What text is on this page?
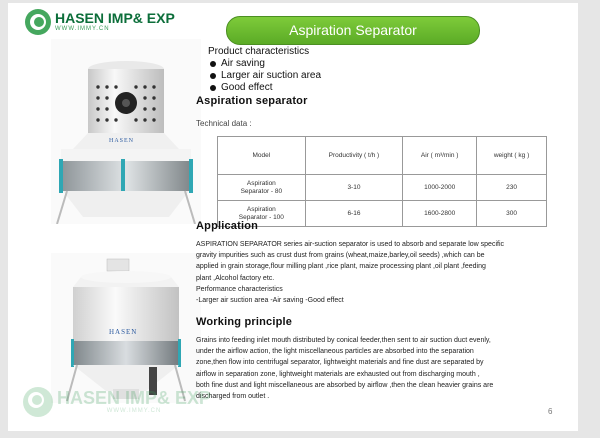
HASEN IMP& EXP
WWW.IMMY.CN	Aspiration Separator
HASEN
HASEN
Product characteristics
Air saving
Larger air suction area
Good effect
Aspiration separator
Technical data :
Model	Productivity ( t/h )	Air ( m³/min )	weight ( kg )
Aspiration
Separator - 80	3-10	1000-2000	230
Aspiration
Separator - 100	6-16	1600-2800	300
Application
ASPIRATION SEPARATOR series air-suction separator is used to absorb and separate low specific
gravity impurities such as crust dust from grains (wheat,maize,barley,oil seeds) ,which can be
applied in grain storage,flour milling plant ,rice plant, maize processing plant ,oil plant ,feeding
plant ,Alcohol factory etc.
Performance characteristics
-Larger air suction area -Air saving -Good effect
Working principle
Grains into feeding inlet mouth distributed by conical feeder,then sent to air suction duct evenly,
under the airflow action, the light miscellaneous particles are absorbed into the separation
zone,then flow into centrifugal separator, lightweight materials and fine dust are separated by
airflow in separation zone, lightweight materials are exhausted out from discharging mouth ,
both fine dust and light miscellaneous are absorbed by airflow ,then the clean heavier grains are
discharged from outlet .
HASEN IMP& EXP
WWW.IMMY.CN	6
